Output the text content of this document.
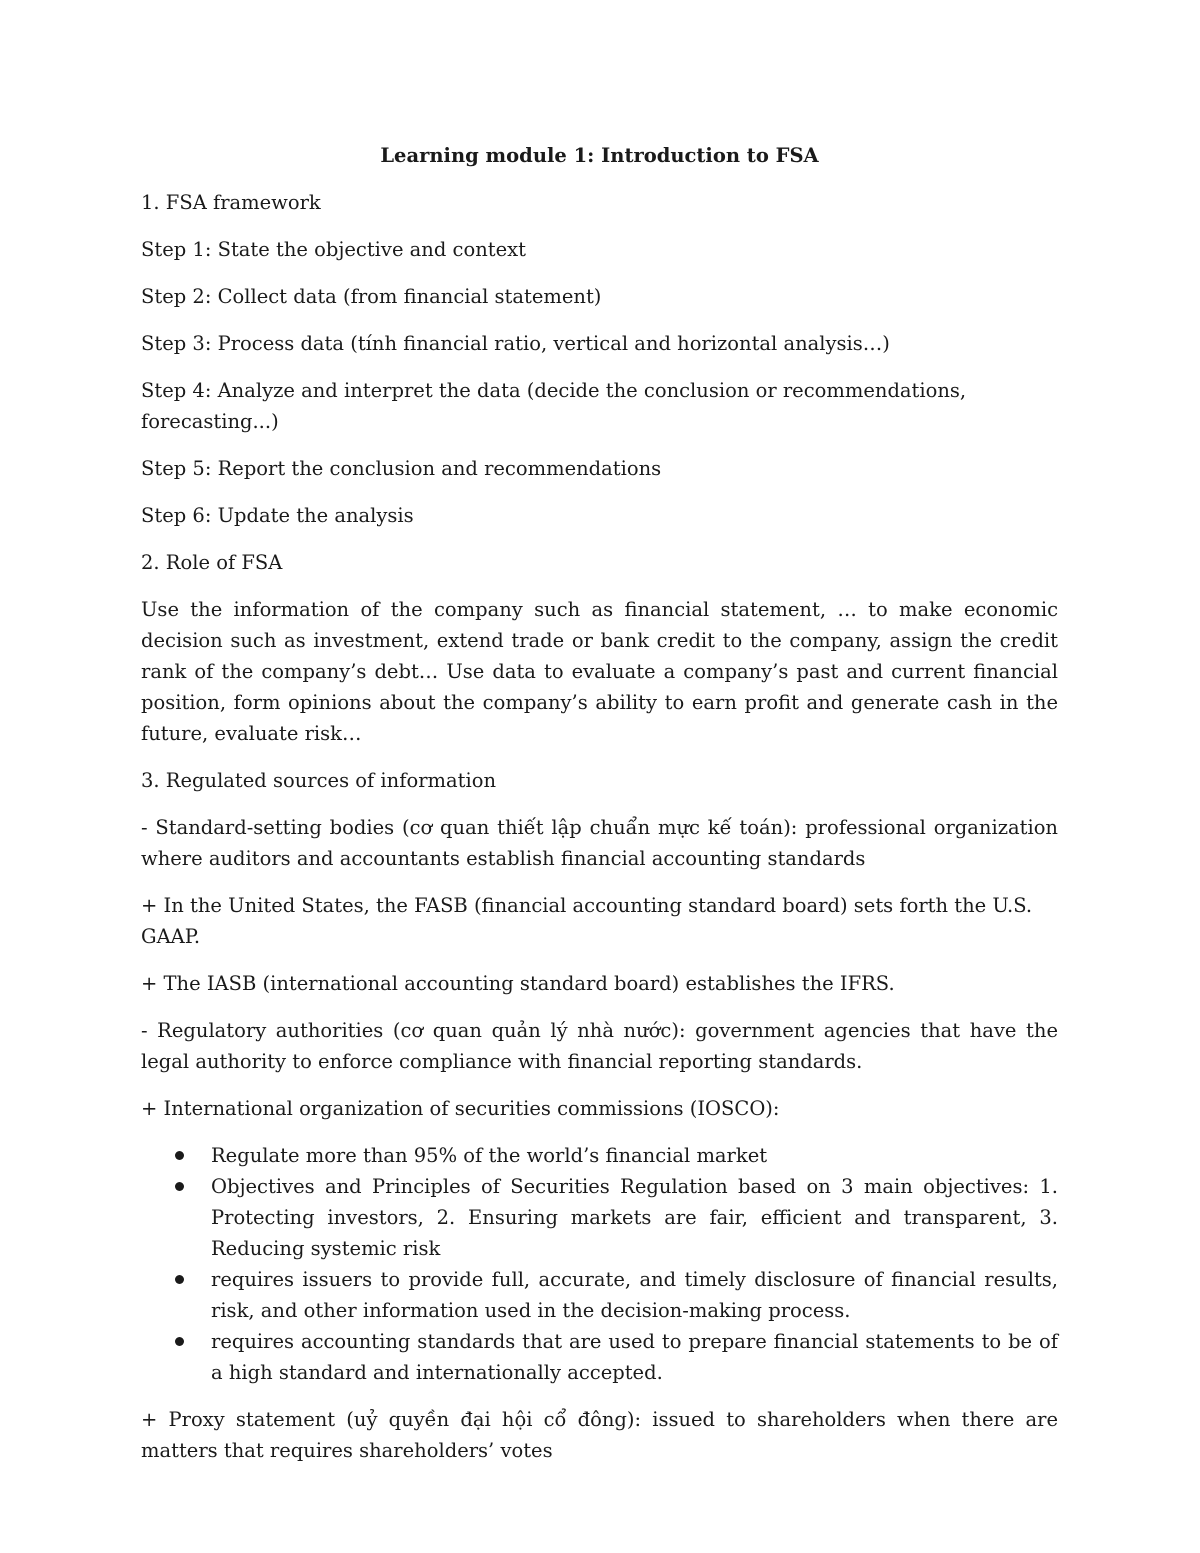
Learning module 1: Introduction to FSA

1. FSA framework

Step 1: State the objective and context

Step 2: Collect data (from financial statement)

Step 3: Process data (tính financial ratio, vertical and horizontal analysis…)

Step 4: Analyze and interpret the data (decide the conclusion or recommendations, forecasting...)

Step 5: Report the conclusion and recommendations

Step 6: Update the analysis

2. Role of FSA

Use the information of the company such as financial statement, … to make economic decision such as investment, extend trade or bank credit to the company, assign the credit rank of the company’s debt… Use data to evaluate a company’s past and current financial position, form opinions about the company’s ability to earn profit and generate cash in the future, evaluate risk…

3. Regulated sources of information

- Standard-setting bodies (cơ quan thiết lập chuẩn mực kế toán): professional organization where auditors and accountants establish financial accounting standards

+ In the United States, the FASB (financial accounting standard board) sets forth the U.S. GAAP.

+ The IASB (international accounting standard board) establishes the IFRS.

- Regulatory authorities (cơ quan quản lý nhà nước): government agencies that have the legal authority to enforce compliance with financial reporting standards.

+ International organization of securities commissions (IOSCO):

Regulate more than 95% of the world’s financial market
Objectives and Principles of Securities Regulation based on 3 main objectives: 1. Protecting investors, 2. Ensuring markets are fair, efficient and transparent, 3. Reducing systemic risk
requires issuers to provide full, accurate, and timely disclosure of financial results, risk, and other information used in the decision-making process.
requires accounting standards that are used to prepare financial statements to be of a high standard and internationally accepted.

+ Proxy statement (uỷ quyền đại hội cổ đông): issued to shareholders when there are matters that requires shareholders’ votes
